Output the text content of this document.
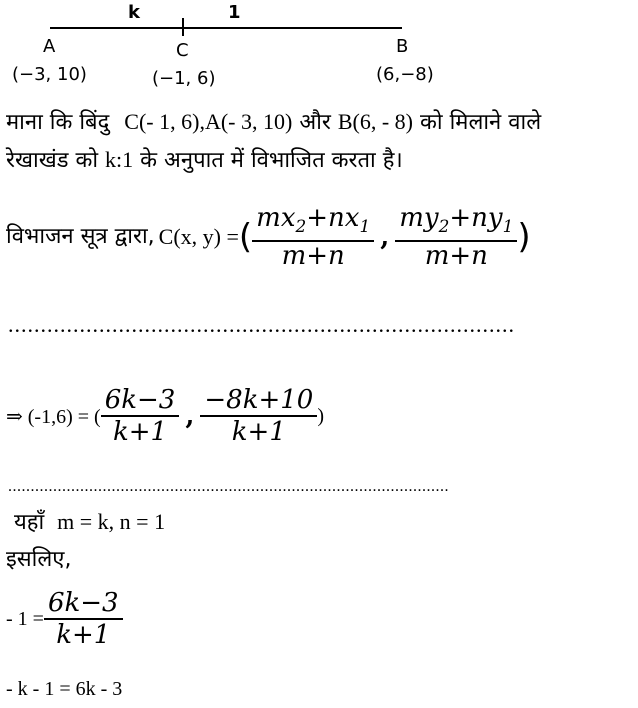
k	1
A	C	B
(−3, 10)	(−1, 6)	(6,−8)
माना कि बिंदु C(- 1, 6),A(- 3, 10) और B(6, - 8) को मिलाने वाले
रेखाखंड को k:1 के अनुपात में विभाजित करता है।
विभाजन सूत्र द्वारा, C(x, y) = ( $\frac{mx_2+nx_1}{m+n}$ , $\frac{my_2+ny_1}{m+n}$ )
..............................................................................
⇒ (-1,6) = ( $\frac{6k-3}{k+1}$ , $\frac{-8k+10}{k+1}$ )
..................................................................................................
यहाँ m = k, n = 1
इसलिए,
- $1 = \frac{6k-3}{k+1}$
- k - 1 = 6k - 3
